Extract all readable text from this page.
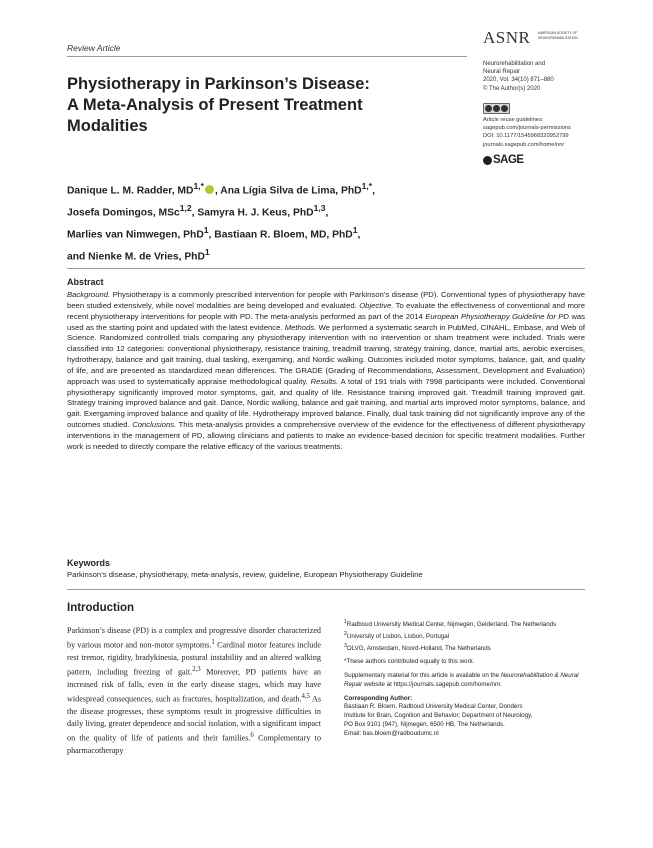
Review Article
ASNR AMERICAN SOCIETY OF NEUROREHABILITATION
Neurorehabilitation and
Neural Repair
2020, Vol. 34(10) 871–880
© The Author(s) 2020
Article reuse guidelines:
sagepub.com/journals-permissions
DOI: 10.1177/1545968320952799
journals.sagepub.com/home/nnr
SAGE
Physiotherapy in Parkinson’s Disease:
A Meta-Analysis of Present Treatment
Modalities
Danique L. M. Radder, $MD^{1,*}$ , Ana Lígia Silva de Lima, PhD$^{1,*}$,
Josefa Domingos, MSc$^{1,2}$, Samyra H. J. Keus, PhD$^{1,3}$,
Marlies van Nimwegen, PhD$^1$, Bastiaan R. Bloem, MD, PhD$^1$,
and Nienke M. de Vries, PhD$^1$
Abstract
Background. Physiotherapy is a commonly prescribed intervention for people with Parkinson’s disease (PD). Conventional types of physiotherapy have been studied extensively, while novel modalities are being developed and evaluated. Objective. To evaluate the effectiveness of conventional and more recent physiotherapy interventions for people with PD. The meta-analysis performed as part of the 2014 European Physiotherapy Guideline for PD was used as the starting point and updated with the latest evidence. Methods. We performed a systematic search in PubMed, CINAHL, Embase, and Web of Science. Randomized controlled trials comparing any physiotherapy intervention with no intervention or sham treatment were included. Trials were classified into 12 categories: conventional physiotherapy, resistance training, treadmill training, strategy training, dance, martial arts, aerobic exercises, hydrotherapy, balance and gait training, dual tasking, exergaming, and Nordic walking. Outcomes included motor symptoms, balance, gait, and quality of life, and are presented as standardized mean differences. The GRADE (Grading of Recommendations, Assessment, Development and Evaluation) approach was used to systematically appraise methodological quality. Results. A total of 191 trials with 7998 participants were included. Conventional physiotherapy significantly improved motor symptoms, gait, and quality of life. Resistance training improved gait. Treadmill training improved gait. Strategy training improved balance and gait. Dance, Nordic walking, balance and gait training, and martial arts improved motor symptoms, balance, and gait. Exergaming improved balance and quality of life. Hydrotherapy improved balance. Finally, dual task training did not significantly improve any of the outcomes studied. Conclusions. This meta-analysis provides a comprehensive overview of the evidence for the effectiveness of different physiotherapy interventions in the management of PD, allowing clinicians and patients to make an evidence-based decision for specific treatment modalities. Further work is needed to directly compare the relative efficacy of the various treatments.
Keywords
Parkinson’s disease, physiotherapy, meta-analysis, review, guideline, European Physiotherapy Guideline
Introduction
Parkinson’s disease (PD) is a complex and progressive disorder characterized by various motor and non-motor symptoms.$^1$ Cardinal motor features include rest tremor, rigidity, bradykinesia, postural instability and an altered walking pattern, including freezing of gait.$^{2,3}$ Moreover, PD patients have an increased risk of falls, even in the early disease stages, which may have widespread consequences, such as fractures, hospitalization, and death.$^{4,5}$ As the disease progresses, these symptoms result in progressive difficulties in daily living, greater dependence and social isolation, with a significant impact on the quality of life of patients and their families.$^6$ Complementary to pharmacotherapy

$^1$Radboud University Medical Center, Nijmegen, Gelderland, The Netherlands

$^2$University of Lisbon, Lisbon, Portugal

$^3$OLVG, Amsterdam, Noord-Holland, The Netherlands

*These authors contributed equally to this work.

Supplementary material for this article is available on the Neurorehabilitation & Neural Repair website at https://journals.sagepub.com/home/nnr.

Corresponding Author:

Bastiaan R. Bloem, Radboud University Medical Center, Donders

Institute for Brain, Cognition and Behavior; Department of Neurology,

PO Box 9101 (947), Nijmegen, 6500 HB, The Netherlands.

Email: bas.bloem@radboudumc.nl
